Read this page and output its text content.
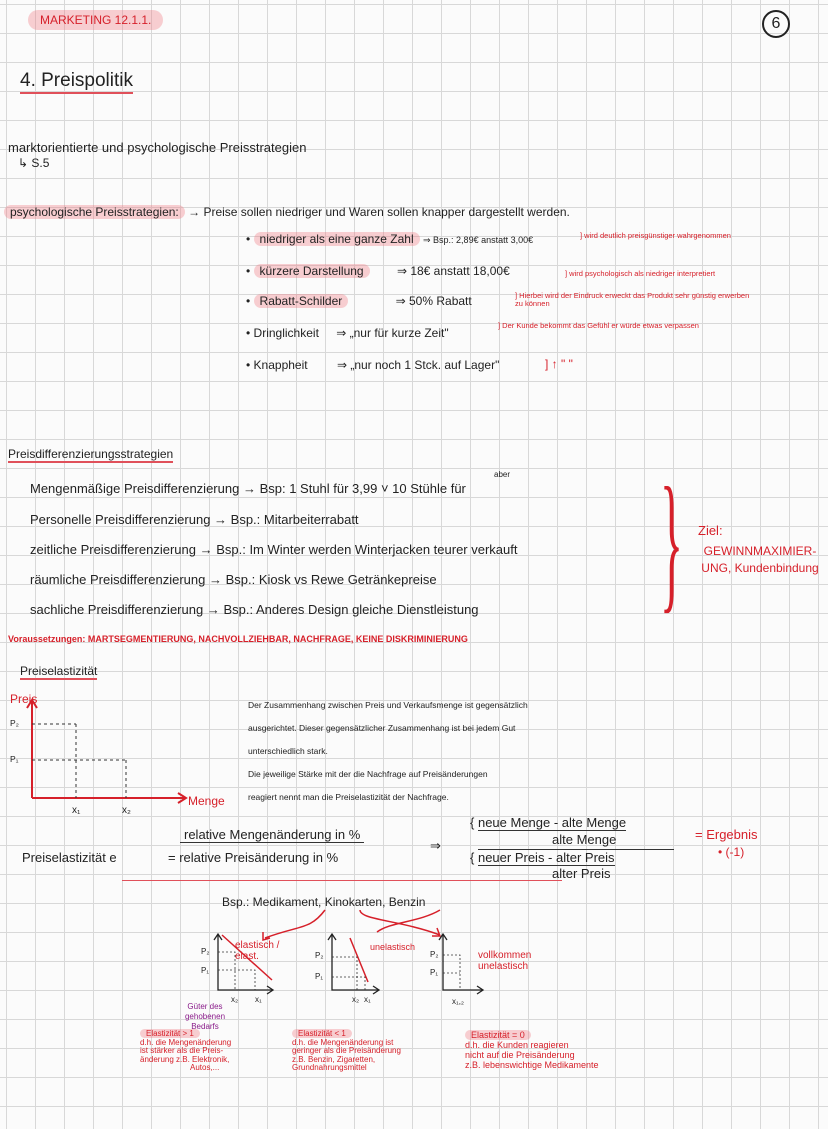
MARKETING 12.1.1.	6
4. Preispolitik
marktorientierte und psychologische Preisstrategien
↳ S.5
psychologische Preisstrategien: → Preise sollen niedriger und Waren sollen knapper dargestellt werden.
• niedriger als eine ganze Zahl ⇒ Bsp.: 2,89€ anstatt 3,00€	] wird deutlich preisgünstiger wahrgenommen
• kürzere Darstellung	⇒ 18€ anstatt 18,00€	] wird psychologisch als niedriger interpretiert
• Rabatt-Schilder	⇒ 50% Rabatt	] Hierbei wird der Eindruck erweckt das Produkt sehr günstig erwerben zu können
• Dringlichkeit ⇒ „nur für kurze Zeit"
] Der Kunde bekommt das Gefühl er würde etwas verpassen
• Knappheit ⇒ „nur noch 1 Stck. auf Lager"	] ↑ " "
Preisdifferenzierungsstrategien
aber
Mengenmäßige Preisdifferenzierung → Bsp: 1 Stuhl für 3,99 ˅ 10 Stühle für
Personelle Preisdifferenzierung → Bsp.: Mitarbeiterrabatt
zeitliche Preisdifferenzierung → Bsp.: Im Winter werden Winterjacken teurer verkauft
räumliche Preisdifferenzierung → Bsp.: Kiosk vs Rewe Getränkepreise
sachliche Preisdifferenzierung → Bsp.: Anderes Design gleiche Dienstleistung	} Ziel:
GEWINNMAXIMIER-UNG, Kundenbindung
Voraussetzungen: MARTSEGMENTIERUNG, NACHVOLLZIEHBAR, NACHFRAGE, KEINE DISKRIMINIERUNG
Preiselastizität
Preis
P₂
P₁
x₁	x₂
Menge
Der Zusammenhang zwischen Preis und Verkaufsmenge ist gegensätzlich
ausgerichtet. Dieser gegensätzlicher Zusammenhang ist bei jedem Gut
unterschiedlich stark.
Die jeweilige Stärke mit der die Nachfrage auf Preisänderungen
reagiert nennt man die Preiselastizität der Nachfrage.
Preiselastizität e
relative Mengenänderung in %
= relative Preisänderung in %
⇒
{ neue Menge - alte Menge
alte Menge
{ neuer Preis - alter Preis
alter Preis
= Ergebnis
• (-1)
Bsp.: Medikament, Kinokarten, Benzin
P₂
P₁
x₂ x₁
elastisch / elast.
Güter des gehobenen Bedarfs
P₂
P₁
x₂ x₁
unelastisch
P₂
P₁
x₁,₂
vollkommen unelastisch
Elastizität > 1
d.h. die Mengenänderung
ist stärker als die Preis-
änderung z.B. Elektronik,
Autos,...
Elastizität < 1
d.h. die Mengenänderung ist
geringer als die Preisänderung
z.B. Benzin, Zigaretten,
Grundnahrungsmittel
Elastizität = 0
d.h. die Kunden reagieren
nicht auf die Preisänderung
z.B. lebenswichtige Medikamente
